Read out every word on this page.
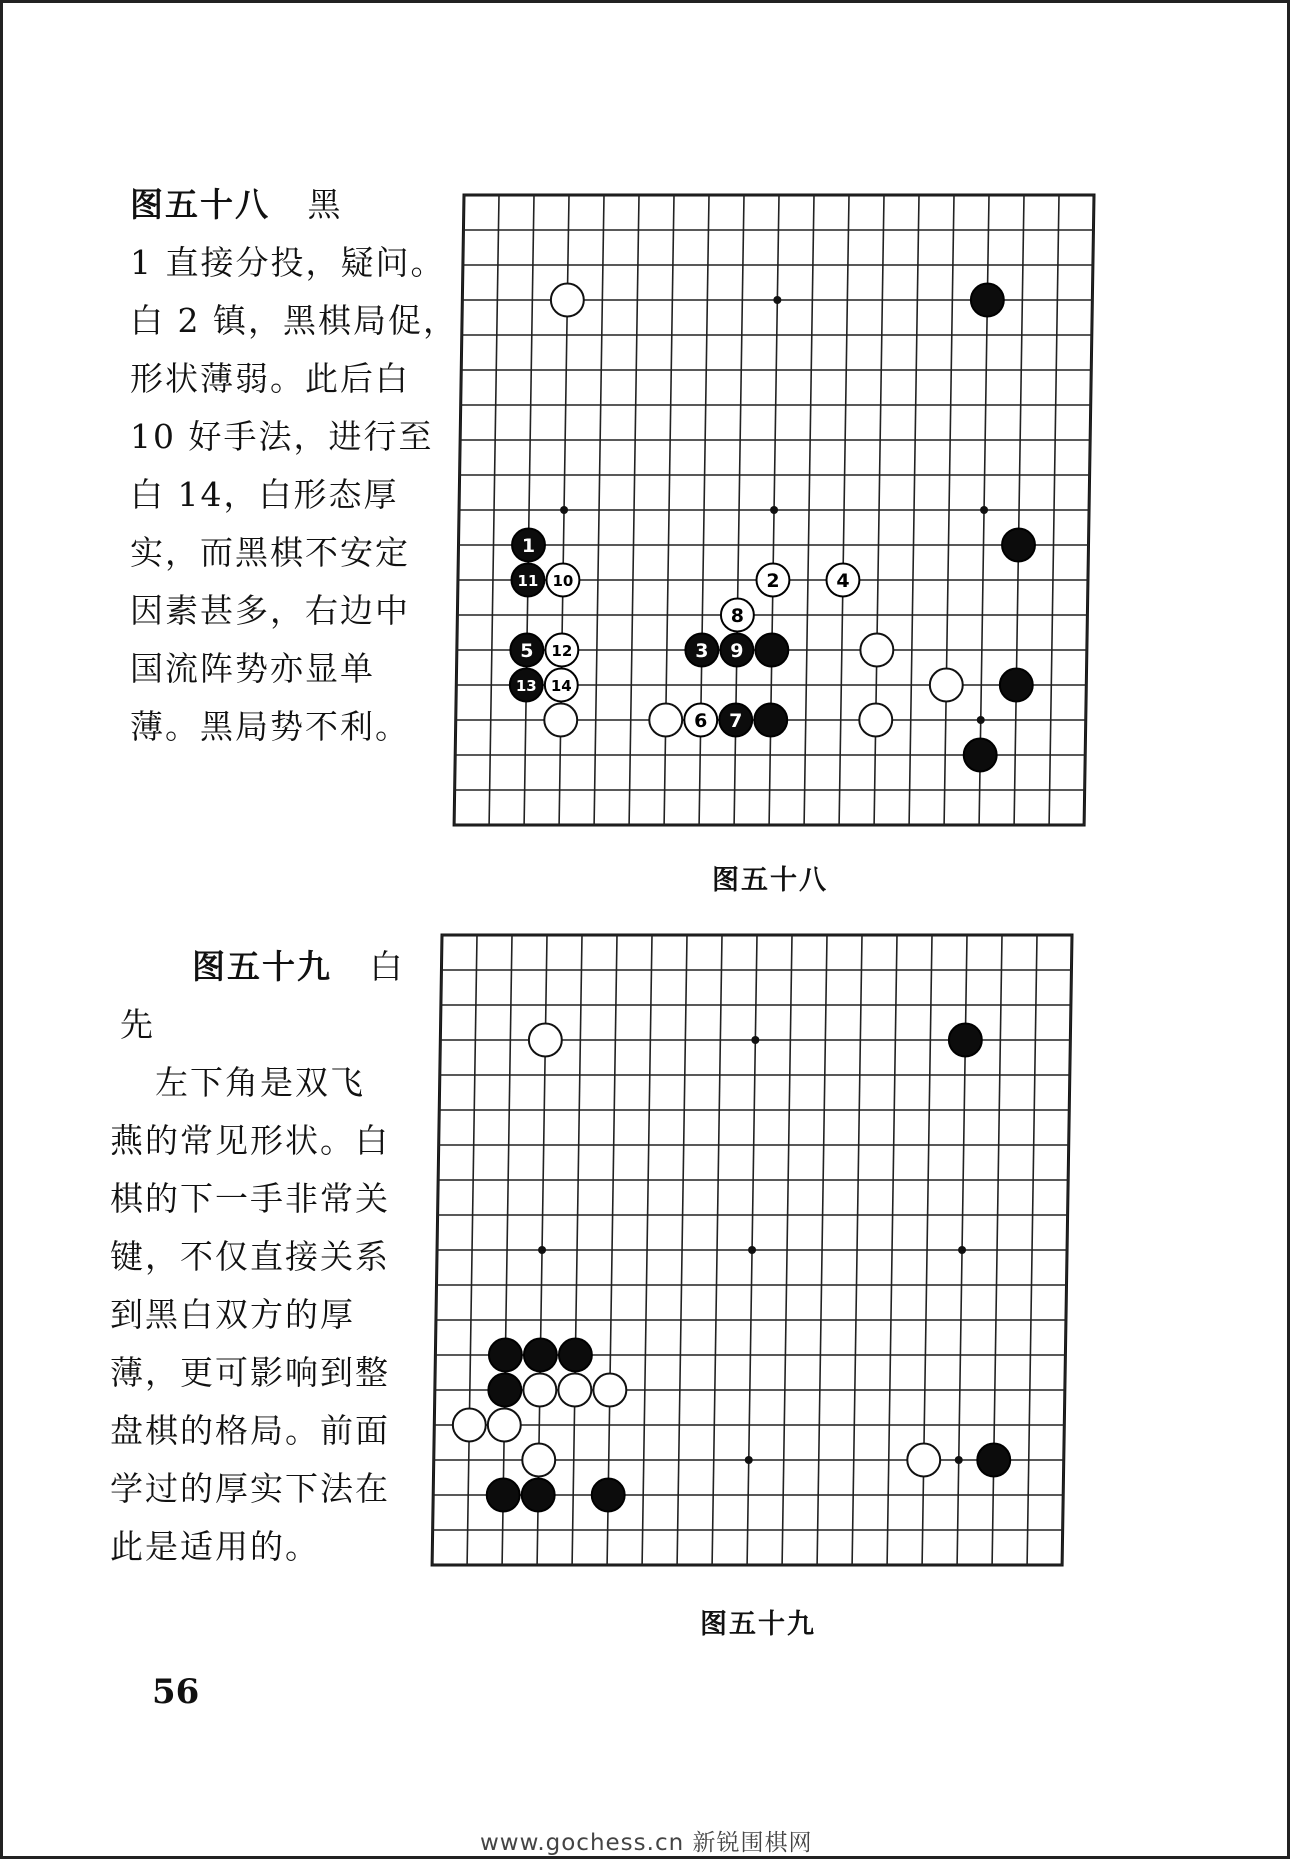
图五十八 黑
1 直接分投，疑问。
白 2 镇，黑棋局促，
形状薄弱。此后白
10 好手法，进行至
白 14，白形态厚
实，而黑棋不安定
因素甚多，右边中
国流阵势亦显单
薄。黑局势不利。
1
2
3
4
5
6 7
8
9
10
11
12
13 14
图五十八
图五十九 白
先
　左下角是双飞
燕的常见形状。白
棋的下一手非常关
键，不仅直接关系
到黑白双方的厚
薄，更可影响到整
盘棋的格局。前面
学过的厚实下法在
此是适用的。
图五十九
56
www.gochess.cn 新锐围棋网
